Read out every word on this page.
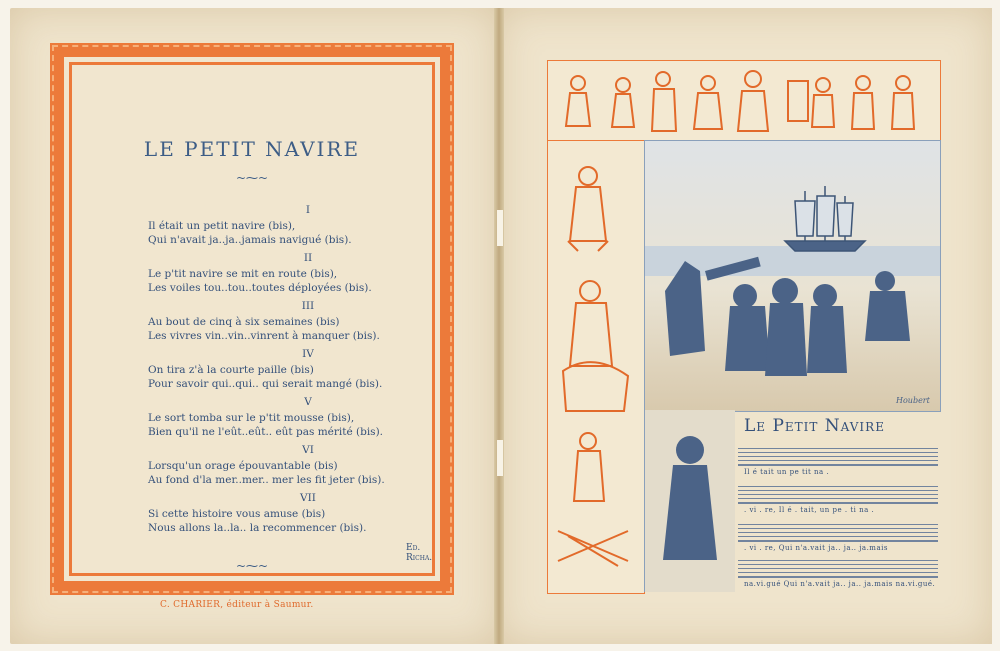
LE PETIT NAVIRE
~⁓~
I
Il était un petit navire (bis),
Qui n'avait ja..ja..jamais navigué (bis).
II
Le p'tit navire se mit en route (bis),
Les voiles tou..tou..toutes déployées (bis).
III
Au bout de cinq à six semaines (bis)
Les vivres vin..vin..vinrent à manquer (bis).
IV
On tira z'à la courte paille (bis)
Pour savoir qui..qui.. qui serait mangé (bis).
V
Le sort tomba sur le p'tit mousse (bis),
Bien qu'il ne l'eût..eût.. eût pas mérité (bis).
VI
Lorsqu'un orage épouvantable (bis)
Au fond d'la mer..mer.. mer les fit jeter (bis).
VII
Si cette histoire vous amuse (bis)
Nous allons la..la.. la recommencer (bis).
Ed. Richa.
~⁓~
C. CHARIER, éditeur à Saumur.
Le Petit Navire
Il é tait un pe tit na .
. vi . re, Il é . tait, un pe . ti na .
. vi . re, Qui n'a.vait ja.. ja.. ja.mais
na.vi.gué Qui n'a.vait ja.. ja.. ja.mais na.vi.gué.
Houbert
